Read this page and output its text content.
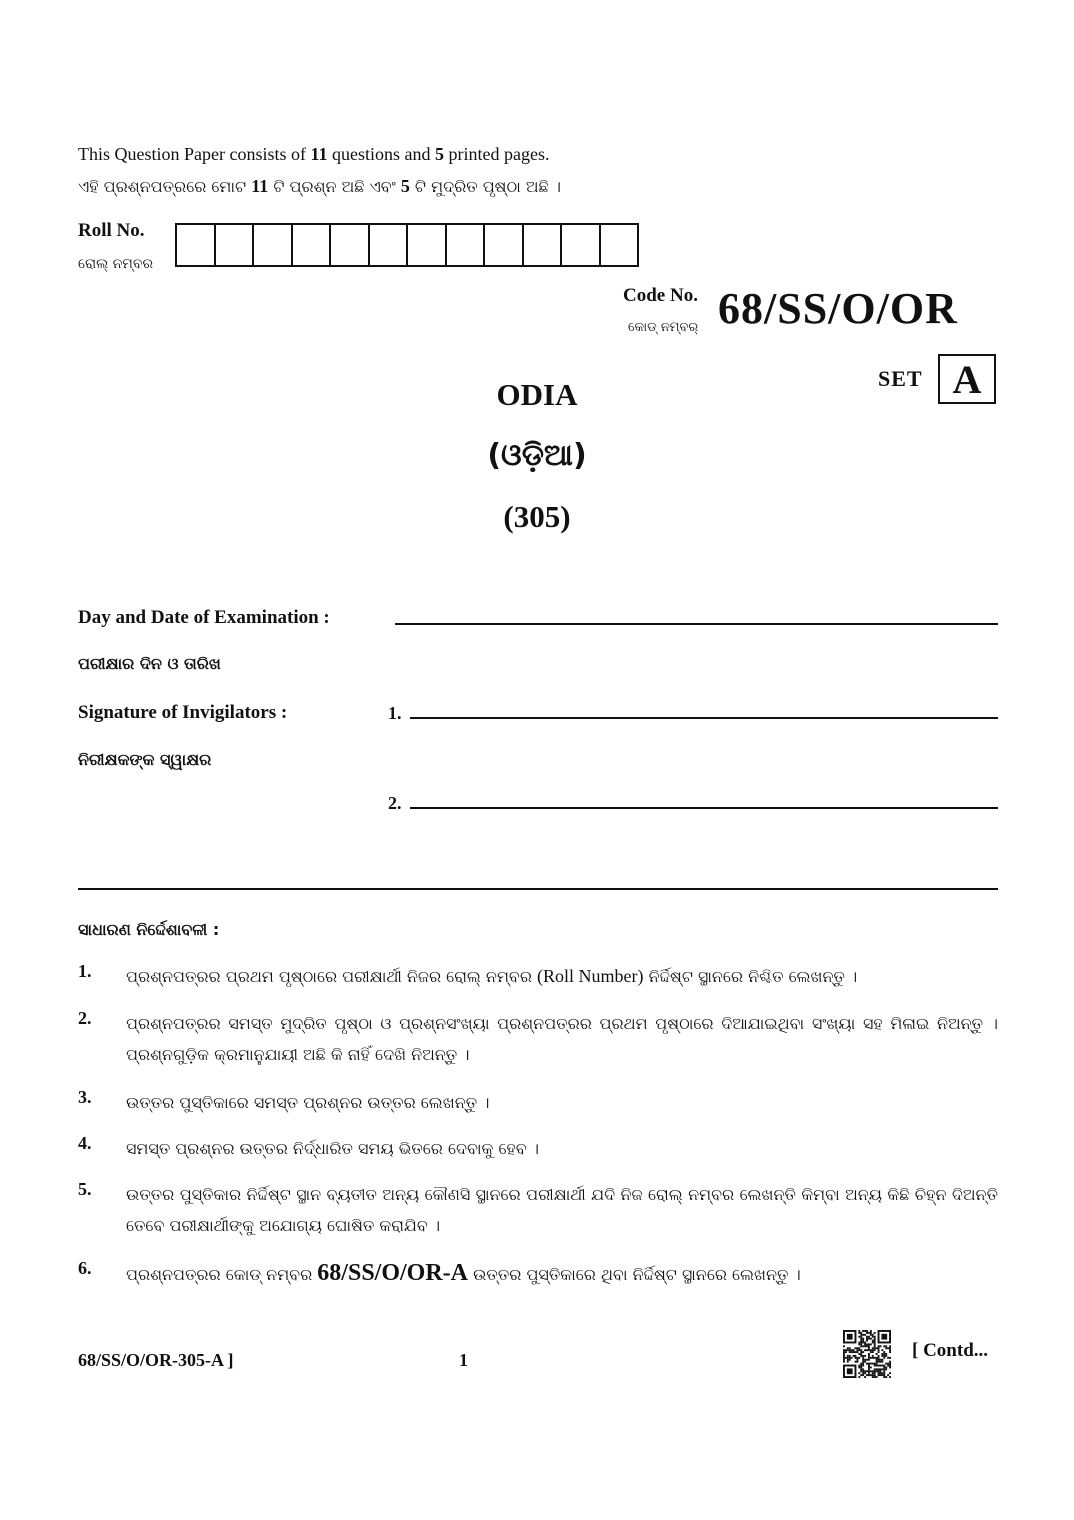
This Question Paper consists of 11 questions and 5 printed pages.
ଏହି ପ୍ରଶ୍ନପତ୍ରରେ ମୋଟ 11 ଟି ପ୍ରଶ୍ନ ଅଛି ଏବଂ 5 ଟି ମୁଦ୍ରିତ ପୃଷ୍ଠା ଅଛି ।
Roll No.
ରୋଲ୍ ନମ୍ବର
Code No.
କୋଡ୍ ନମ୍ବର୍ 68/SS/O/OR
SET A
ODIA
(ଓଡ଼ିଆ)
(305)
Day and Date of Examination :
ପରୀକ୍ଷାର ଦିନ ଓ ତାରିଖ
Signature of Invigilators :	1.
ନିରୀକ୍ଷକଙ୍କ ସ୍ୱାକ୍ଷର
2.
ସାଧାରଣ ନିର୍ଦ୍ଦେଶାବଳୀ :
1.	ପ୍ରଶ୍ନପତ୍ରର ପ୍ରଥମ ପୃଷ୍ଠାରେ ପରୀକ୍ଷାର୍ଥୀ ନିଜର ରୋଲ୍ ନମ୍ବର (Roll Number) ନିର୍ଦ୍ଦିଷ୍ଟ ସ୍ଥାନରେ ନିଶ୍ଚିତ ଲେଖନ୍ତୁ ।
2.	ପ୍ରଶ୍ନପତ୍ରର ସମସ୍ତ ମୁଦ୍ରିତ ପୃଷ୍ଠା ଓ ପ୍ରଶ୍ନସଂଖ୍ୟା ପ୍ରଶ୍ନପତ୍ରର ପ୍ରଥମ ପୃଷ୍ଠାରେ ଦିଆଯାଇଥିବା ସଂଖ୍ୟା ସହ ମିଳାଇ ନିଅନ୍ତୁ । ପ୍ରଶ୍ନଗୁଡ଼ିକ କ୍ରମାନୁଯାୟୀ ଅଛି କି ନାହିଁ ଦେଖି ନିଅନ୍ତୁ ।
3.	ଉତ୍ତର ପୁସ୍ତିକାରେ ସମସ୍ତ ପ୍ରଶ୍ନର ଉତ୍ତର ଲେଖନ୍ତୁ ।
4.	ସମସ୍ତ ପ୍ରଶ୍ନର ଉତ୍ତର ନିର୍ଦ୍ଧାରିତ ସମୟ ଭିତରେ ଦେବାକୁ ହେବ ।
5.	ଉତ୍ତର ପୁସ୍ତିକାର ନିର୍ଦ୍ଦିଷ୍ଟ ସ୍ଥାନ ବ୍ୟତୀତ ଅନ୍ୟ କୌଣସି ସ୍ଥାନରେ ପରୀକ୍ଷାର୍ଥୀ ଯଦି ନିଜ ରୋଲ୍ ନମ୍ବର ଲେଖନ୍ତି କିମ୍ବା ଅନ୍ୟ କିଛି ଚିହ୍ନ ଦିଅନ୍ତି ତେବେ ପରୀକ୍ଷାର୍ଥୀଙ୍କୁ ଅଯୋଗ୍ୟ ଘୋଷିତ କରାଯିବ ।
6.	ପ୍ରଶ୍ନପତ୍ରର କୋଡ୍ ନମ୍ବର 68/SS/O/OR-A ଉତ୍ତର ପୁସ୍ତିକାରେ ଥିବା ନିର୍ଦ୍ଦିଷ୍ଟ ସ୍ଥାନରେ ଲେଖନ୍ତୁ ।
68/SS/O/OR-305-A ]	1	[ Contd...
